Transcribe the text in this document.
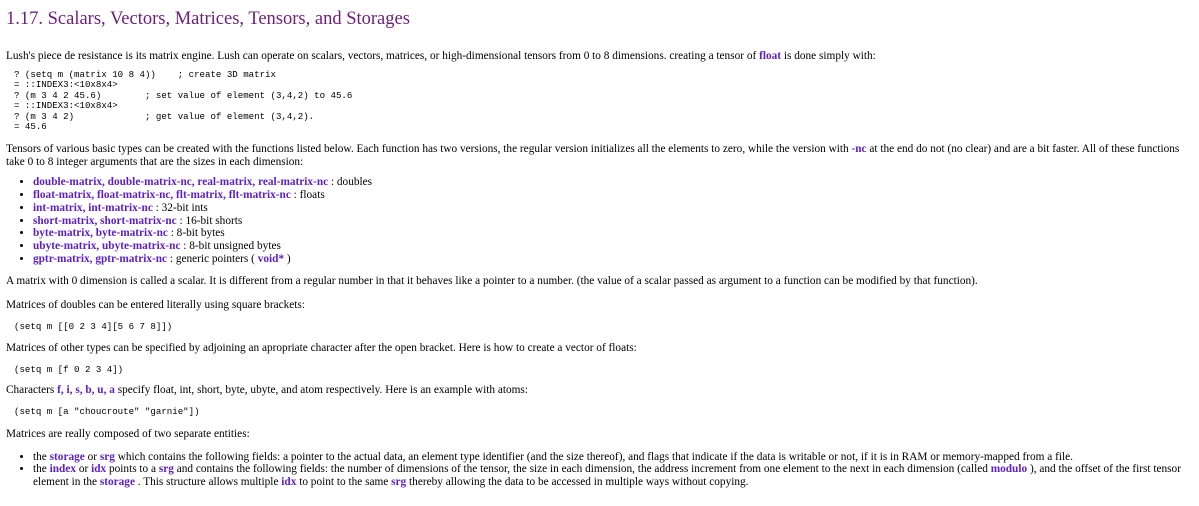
1.17. Scalars, Vectors, Matrices, Tensors, and Storages

Lush's piece de resistance is its matrix engine. Lush can operate on scalars, vectors, matrices, or high-dimensional tensors from 0 to 8 dimensions. creating a tensor of float is done simply with:

? (setq m (matrix 10 8 4))    ; create 3D matrix
= ::INDEX3:<10x8x4>
? (m 3 4 2 45.6)        ; set value of element (3,4,2) to 45.6
= ::INDEX3:<10x8x4>
? (m 3 4 2)             ; get value of element (3,4,2).
= 45.6

Tensors of various basic types can be created with the functions listed below. Each function has two versions, the regular version initializes all the elements to zero, while the version with -nc at the end do not (no clear) and are a bit faster. All of these functions take 0 to 8 integer arguments that are the sizes in each dimension:

• double-matrix, double-matrix-nc, real-matrix, real-matrix-nc : doubles
• float-matrix, float-matrix-nc, flt-matrix, flt-matrix-nc : floats
• int-matrix, int-matrix-nc : 32-bit ints
• short-matrix, short-matrix-nc : 16-bit shorts
• byte-matrix, byte-matrix-nc : 8-bit bytes
• ubyte-matrix, ubyte-matrix-nc : 8-bit unsigned bytes
• gptr-matrix, gptr-matrix-nc : generic pointers ( void* )

A matrix with 0 dimension is called a scalar. It is different from a regular number in that it behaves like a pointer to a number. (the value of a scalar passed as argument to a function can be modified by that function).

Matrices of doubles can be entered literally using square brackets:

(setq m [[0 2 3 4][5 6 7 8]])

Matrices of other types can be specified by adjoining an apropriate character after the open bracket. Here is how to create a vector of floats:

(setq m [f 0 2 3 4])

Characters f, i, s, b, u, a specify float, int, short, byte, ubyte, and atom respectively. Here is an example with atoms:

(setq m [a "choucroute" "garnie"])

Matrices are really composed of two separate entities:

• the storage or srg which contains the following fields: a pointer to the actual data, an element type identifier (and the size thereof), and flags that indicate if the data is writable or not, if it is in RAM or memory-mapped from a file.
• the index or idx points to a srg and contains the following fields: the number of dimensions of the tensor, the size in each dimension, the address increment from one element to the next in each dimension (called modulo ), and the offset of the first tensor element in the storage . This structure allows multiple idx to point to the same srg thereby allowing the data to be accessed in multiple ways without copying.
